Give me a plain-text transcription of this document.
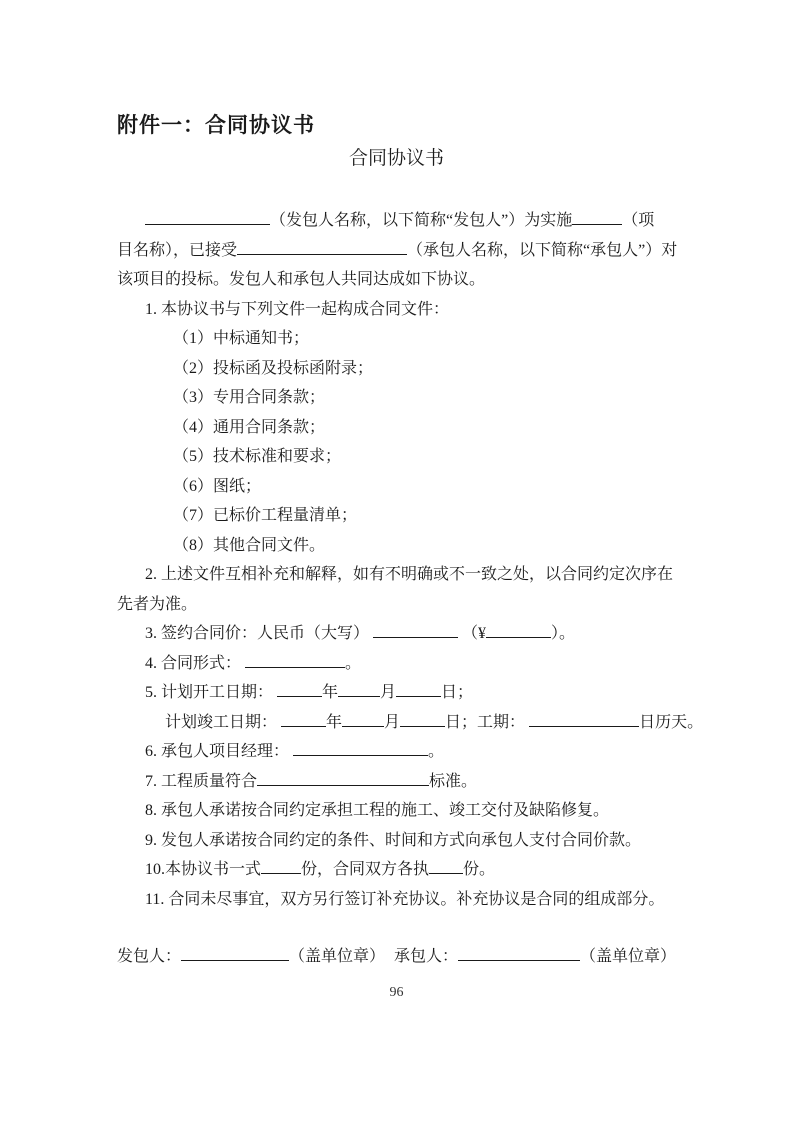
附件一：合同协议书
合同协议书
（发包人名称，以下简称“发包人”）为实施	（项
目名称），已接受	（承包人名称，以下简称“承包人”）对
该项目的投标。发包人和承包人共同达成如下协议。
1. 本协议书与下列文件一起构成合同文件：
（1）中标通知书；
（2）投标函及投标函附录；
（3）专用合同条款；
（4）通用合同条款；
（5）技术标准和要求；
（6）图纸；
（7）已标价工程量清单；
（8）其他合同文件。
2. 上述文件互相补充和解释，如有不明确或不一致之处，以合同约定次序在
先者为准。
3. 签约合同价：人民币（大写）	（¥	）。
4. 合同形式：	。
5. 计划开工日期：	年	月	日；
计划竣工日期：	年	月	日；工期：	日历天。
6. 承包人项目经理：	。
7. 工程质量符合	标准。
8. 承包人承诺按合同约定承担工程的施工、竣工交付及缺陷修复。
9. 发包人承诺按合同约定的条件、时间和方式向承包人支付合同价款。
10.本协议书一式	份，合同双方各执 份。
11. 合同未尽事宜，双方另行签订补充协议。补充协议是合同的组成部分。
发包人：	（盖单位章） 承包人：	（盖单位章）
96
